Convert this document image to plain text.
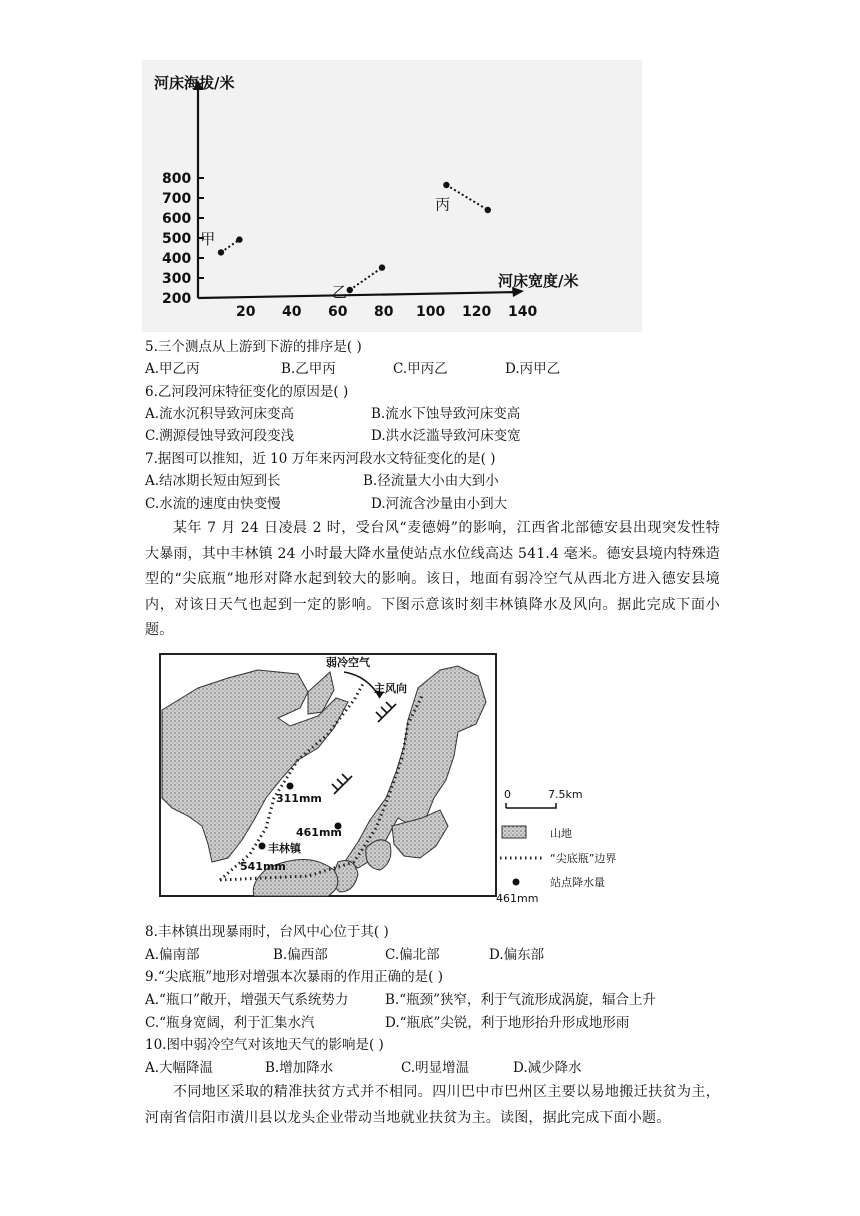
河床海拔/米
河床宽度/米
200
300
400
500
600
700
800
20 40 60 80 100 120 140
甲
乙
丙
5.三个测点从上游到下游的排序是( )
A.甲乙丙	B.乙甲丙	C.甲丙乙	D.丙甲乙
6.乙河段河床特征变化的原因是( )
A.流水沉积导致河床变高	B.流水下蚀导致河床变高
C.溯源侵蚀导致河段变浅	D.洪水泛滥导致河床变宽
7.据图可以推知，近 10 万年来丙河段水文特征变化的是( )
A.结冰期长短由短到长	B.径流量大小由大到小
C.水流的速度由快变慢	D.河流含沙量由小到大
某年 7 月 24 日凌晨 2 时，受台风“麦德姆”的影响，江西省北部德安县出现突发性特大暴雨，其中丰林镇 24 小时最大降水量使站点水位线高达 541.4 毫米。德安县境内特殊造型的“尖底瓶”地形对降水起到较大的影响。该日，地面有弱冷空气从西北方进入德安县境内，对该日天气也起到一定的影响。下图示意该时刻丰林镇降水及风向。据此完成下面小题。
弱冷空气
主风向
311mm
461mm
丰林镇
541mm
0	7.5km
山地
“尖底瓶”边界
站点降水量
461mm
8.丰林镇出现暴雨时，台风中心位于其( )
A.偏南部	B.偏西部	C.偏北部	D.偏东部
9.“尖底瓶”地形对增强本次暴雨的作用正确的是( )
A.“瓶口”敞开，增强天气系统势力	B.“瓶颈”狭窄，利于气流形成涡旋，辐合上升
C.“瓶身宽阔，利于汇集水汽	D.“瓶底”尖锐，利于地形抬升形成地形雨
10.图中弱冷空气对该地天气的影响是( )
A.大幅降温	B.增加降水	C.明显增温	D.减少降水
不同地区采取的精准扶贫方式并不相同。四川巴中市巴州区主要以易地搬迁扶贫为主，河南省信阳市潢川县以龙头企业带动当地就业扶贫为主。读图，据此完成下面小题。
